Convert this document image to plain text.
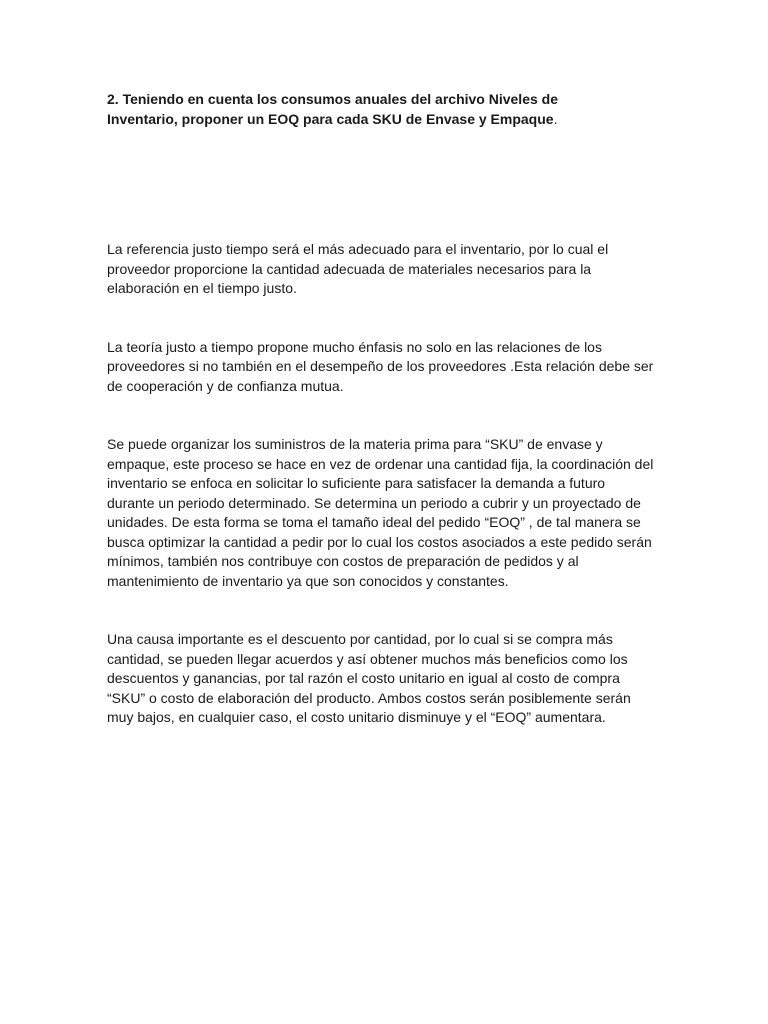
2. Teniendo en cuenta los consumos anuales del archivo Niveles de Inventario, proponer un EOQ para cada SKU de Envase y Empaque.

La referencia justo tiempo será el más adecuado para el inventario, por lo cual el proveedor proporcione la cantidad adecuada de materiales necesarios para la elaboración en el tiempo justo.

La teoría justo a tiempo propone mucho énfasis no solo en las relaciones de los proveedores si no también en el desempeño de los proveedores .Esta relación debe ser de cooperación y de confianza mutua.

Se puede organizar los suministros de la materia prima para “SKU” de envase y empaque, este proceso se hace en vez de ordenar una cantidad fija, la coordinación del inventario se enfoca en solicitar lo suficiente para satisfacer la demanda a futuro durante un periodo determinado. Se determina un periodo a cubrir y un proyectado de unidades. De esta forma se toma el tamaño ideal del pedido “EOQ” , de tal manera se busca optimizar la cantidad a pedir por lo cual los costos asociados a este pedido serán mínimos, también nos contribuye con costos de preparación de pedidos y al mantenimiento de inventario ya que son conocidos y constantes.

Una causa importante es el descuento por cantidad, por lo cual si se compra más cantidad, se pueden llegar acuerdos y así obtener muchos más beneficios como los descuentos y ganancias, por tal razón el costo unitario en igual al costo de compra “SKU” o costo de elaboración del producto. Ambos costos serán posiblemente serán muy bajos, en cualquier caso, el costo unitario disminuye y el “EOQ” aumentara.
